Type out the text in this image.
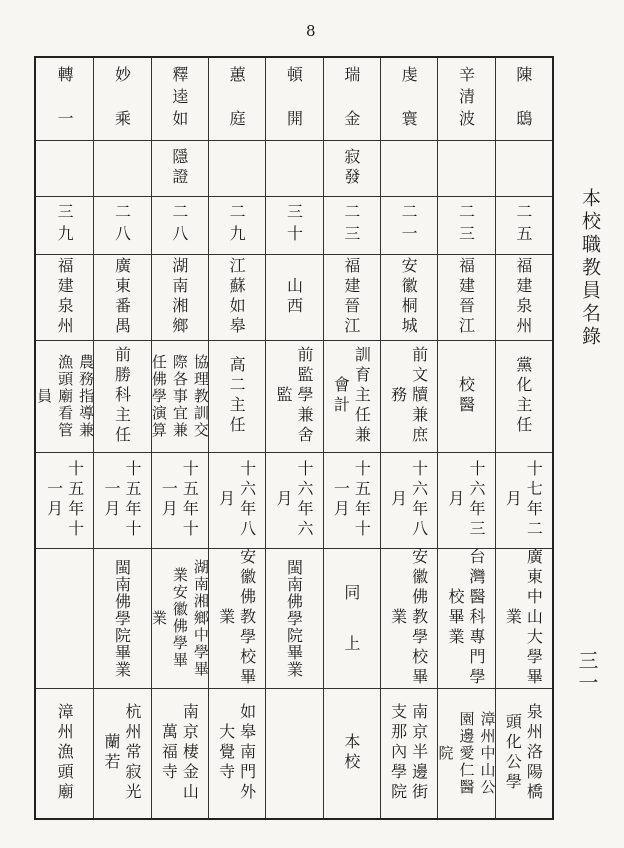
8
本校職教員名錄
三一
陳　鴟
二五
福建泉州
黨化主任
十七年二
月
廣東中山大學畢
業
泉州洛陽橋
頭化公學
辛清波
二三
福建晉江
校醫
十六年三
月
台灣醫科專門學
校畢業
漳州中山公
園邊愛仁醫
院
虔　寰
二一
安徽桐城
前文牘兼庶
務
十六年八
月
安徽佛教學校畢
業
南京半邊街
支那內學院
瑞　金
寂發
二三
福建晉江
訓育主任兼
會計
十五年十
一月
同　　上
本校
頓　開
三十
山西
前監學兼舍
監
十六年六
月
閩南佛學院畢業
蕙　庭
二九
江蘇如皋
高二主任
十六年八
月
安徽佛教學校畢
業
如皋南門外
大覺寺
釋逵如
隱證
二八
湖南湘鄉
協理教訓交
際各事宜兼
任佛學演算
十五年十
一月
湖南湘鄉中學畢
業安徽佛學畢
業
南京棲金山
萬福寺
妙　乘
二八
廣東番禺
前勝科主任
十五年十
一月
閩南佛學院畢業
杭州常寂光
蘭若
轉　一
三九
福建泉州
農務指導兼
漁頭廟看管
員
十五年十
一月
漳州漁頭廟
